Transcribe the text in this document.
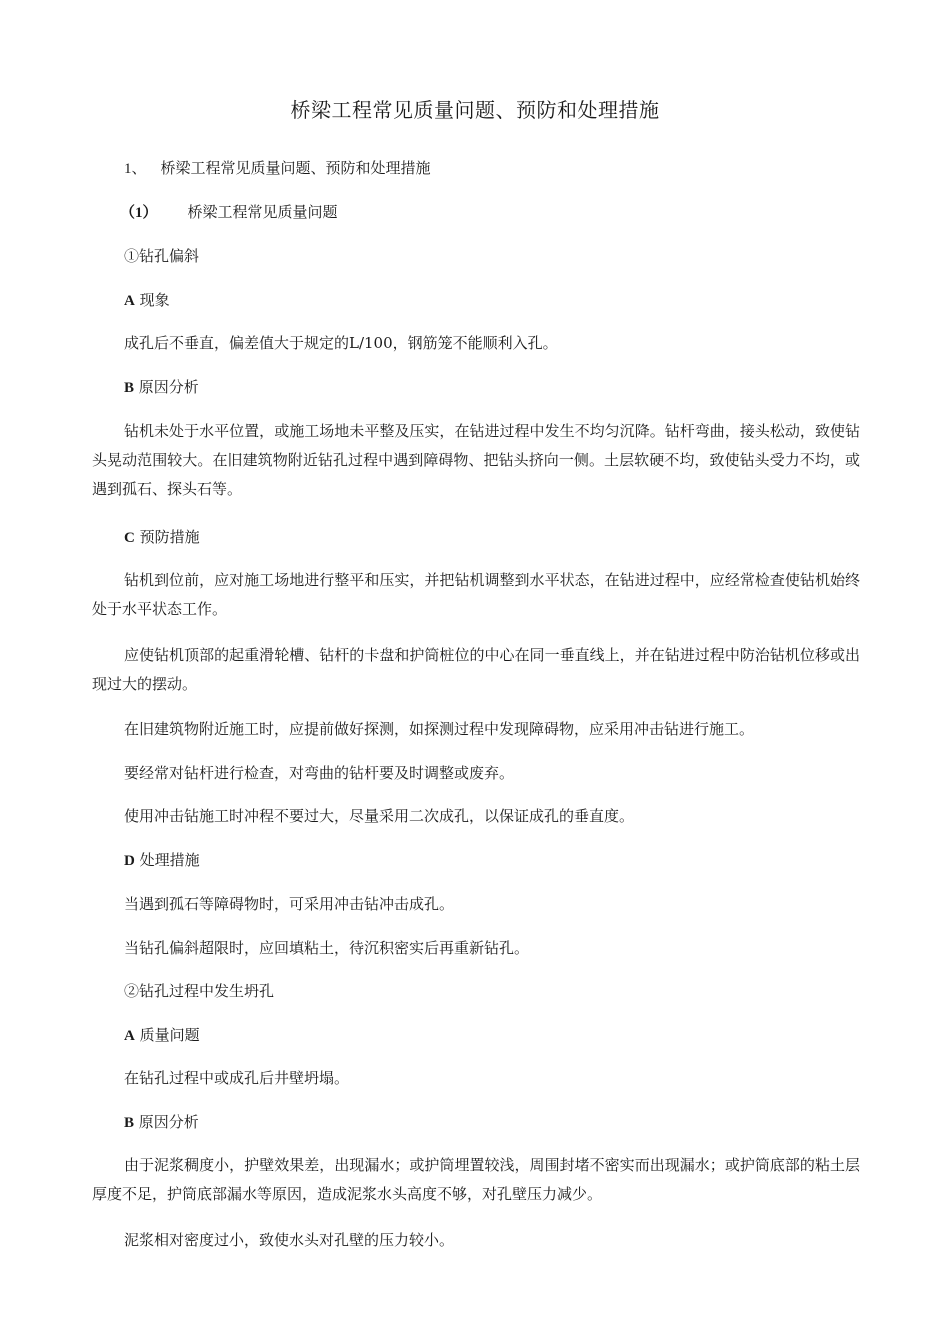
桥梁工程常见质量问题、预防和处理措施
1、 桥梁工程常见质量问题、预防和处理措施
（1） 桥梁工程常见质量问题
①钻孔偏斜
A 现象
成孔后不垂直，偏差值大于规定的L/100，钢筋笼不能顺利入孔。
B 原因分析
钻机未处于水平位置，或施工场地未平整及压实，在钻进过程中发生不均匀沉降。钻杆弯曲，接头松动，致使钻头晃动范围较大。在旧建筑物附近钻孔过程中遇到障碍物、把钻头挤向一侧。土层软硬不均，致使钻头受力不均，或遇到孤石、探头石等。
C 预防措施
钻机到位前，应对施工场地进行整平和压实，并把钻机调整到水平状态，在钻进过程中，应经常检查使钻机始终处于水平状态工作。
应使钻机顶部的起重滑轮槽、钻杆的卡盘和护筒桩位的中心在同一垂直线上，并在钻进过程中防治钻机位移或出现过大的摆动。
在旧建筑物附近施工时，应提前做好探测，如探测过程中发现障碍物，应采用冲击钻进行施工。
要经常对钻杆进行检查，对弯曲的钻杆要及时调整或废弃。
使用冲击钻施工时冲程不要过大，尽量采用二次成孔，以保证成孔的垂直度。
D 处理措施
当遇到孤石等障碍物时，可采用冲击钻冲击成孔。
当钻孔偏斜超限时，应回填粘土，待沉积密实后再重新钻孔。
②钻孔过程中发生坍孔
A 质量问题
在钻孔过程中或成孔后井壁坍塌。
B 原因分析
由于泥浆稠度小，护壁效果差，出现漏水；或护筒埋置较浅，周围封堵不密实而出现漏水；或护筒底部的粘土层厚度不足，护筒底部漏水等原因，造成泥浆水头高度不够，对孔壁压力减少。
泥浆相对密度过小，致使水头对孔壁的压力较小。
